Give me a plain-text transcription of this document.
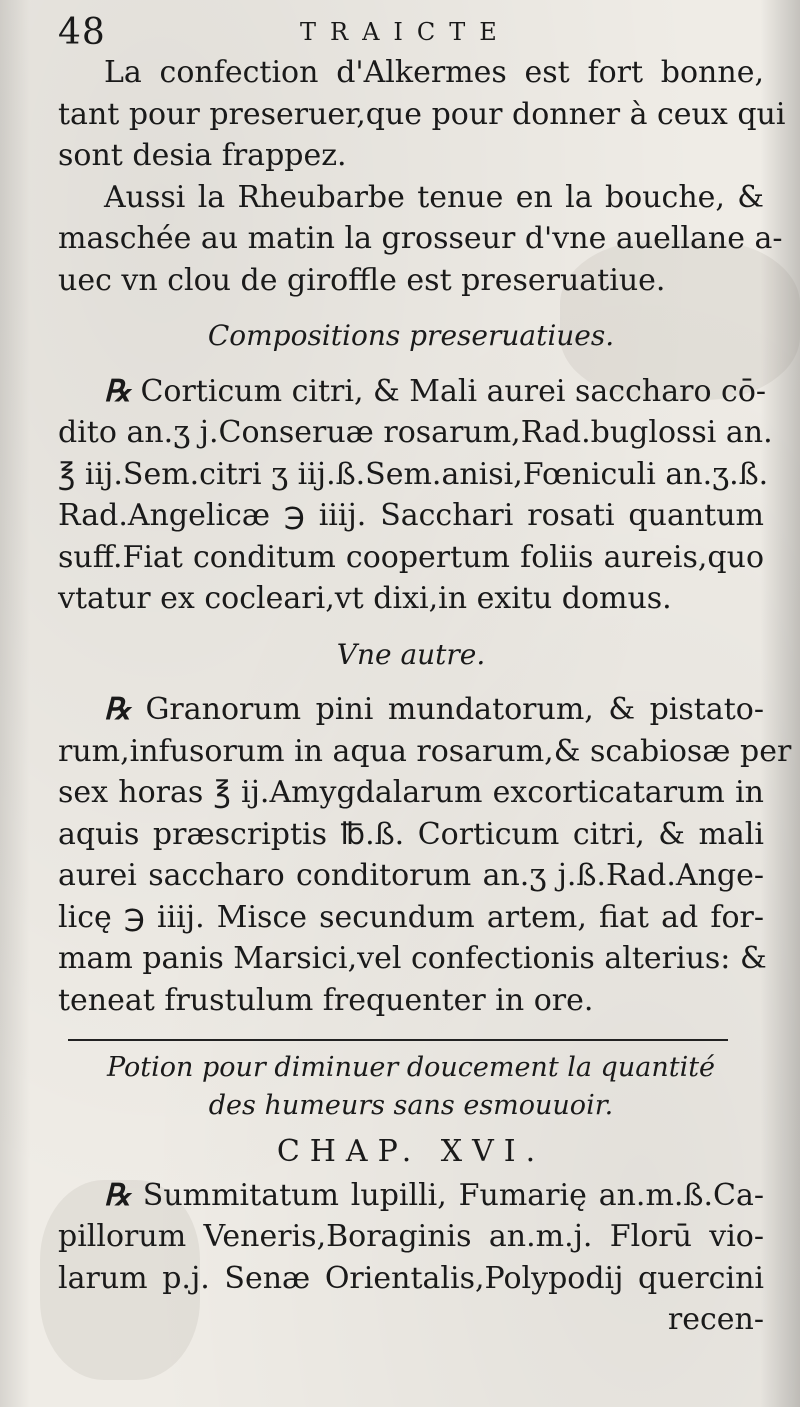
48	TRAICTE
La confection d'Alkermes est fort bonne,
tant pour preseruer,que pour donner à ceux qui
sont desia frappez.
Aussi la Rheubarbe tenue en la bouche, &
maschée au matin la grosseur d'vne auellane a-
uec vn clou de giroffle est preseruatiue.
Compositions preseruatiues.
℞ Corticum citri, & Mali aurei saccharo cō-
dito an.ʒ j.Conseruæ rosarum,Rad.buglossi an.
℥ iij.Sem.citri ʒ iij.ß.Sem.anisi,Fœniculi an.ʒ.ß.
Rad.Angelicæ ℈ iiij. Sacchari rosati quantum
suff.Fiat conditum coopertum foliis aureis,quo
vtatur ex cocleari,vt dixi,in exitu domus.
Vne autre.
℞ Granorum pini mundatorum, & pistato-
rum,infusorum in aqua rosarum,& scabiosæ per
sex horas ℥ ij.Amygdalarum excorticatarum in
aquis præscriptis ℔.ß. Corticum citri, & mali
aurei saccharo conditorum an.ʒ j.ß.Rad.Ange-
licę ℈ iiij. Misce secundum artem, fiat ad for-
mam panis Marsici,vel confectionis alterius: &
teneat frustulum frequenter in ore.
Potion pour diminuer doucement la quantité
des humeurs sans esmouuoir.
CHAP. XVI.
℞ Summitatum lupilli, Fumarię an.m.ß.Ca-
pillorum Veneris,Boraginis an.m.j. Florū vio-
larum p.j. Senæ Orientalis,Polypodij quercini
recen-
